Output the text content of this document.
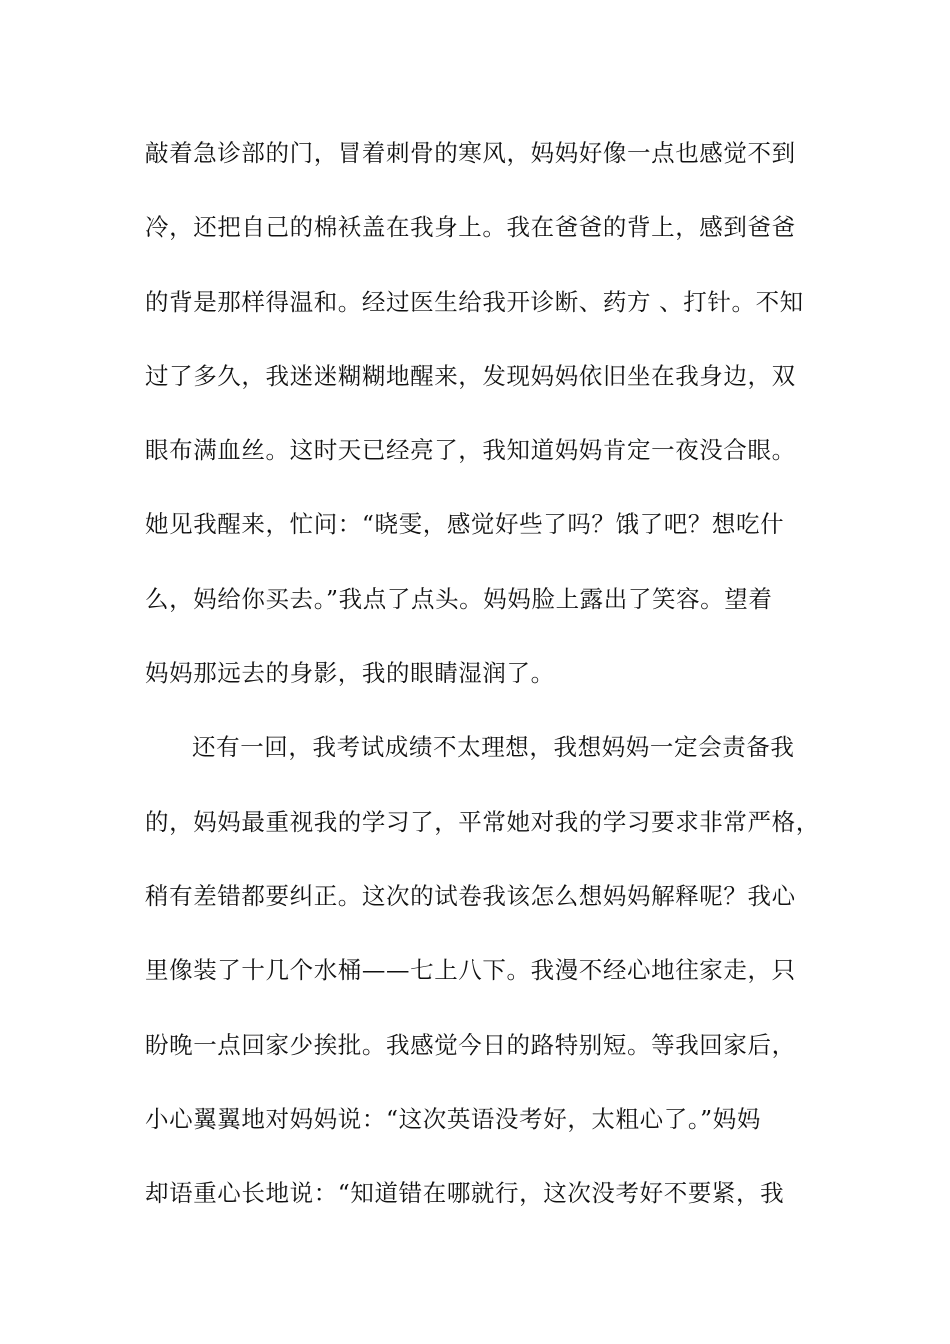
敲着急诊部的门，冒着刺骨的寒风，妈妈好像一点也感觉不到
冷，还把自己的棉袄盖在我身上。我在爸爸的背上，感到爸爸
的背是那样得温和。经过医生给我开诊断、药方 、打针。不知
过了多久，我迷迷糊糊地醒来，发现妈妈依旧坐在我身边，双
眼布满血丝。这时天已经亮了，我知道妈妈肯定一夜没合眼。
她见我醒来，忙问：“晓雯，感觉好些了吗？饿了吧？想吃什
么，妈给你买去。”我点了点头。妈妈脸上露出了笑容。望着
妈妈那远去的身影，我的眼睛湿润了。
还有一回，我考试成绩不太理想，我想妈妈一定会责备我
的，妈妈最重视我的学习了，平常她对我的学习要求非常严格，
稍有差错都要纠正。这次的试卷我该怎么想妈妈解释呢？我心
里像装了十几个水桶——七上八下。我漫不经心地往家走，只
盼晚一点回家少挨批。我感觉今日的路特别短。等我回家后，
小心翼翼地对妈妈说：“这次英语没考好，太粗心了。”妈妈
却语重心长地说：“知道错在哪就行，这次没考好不要紧，我
